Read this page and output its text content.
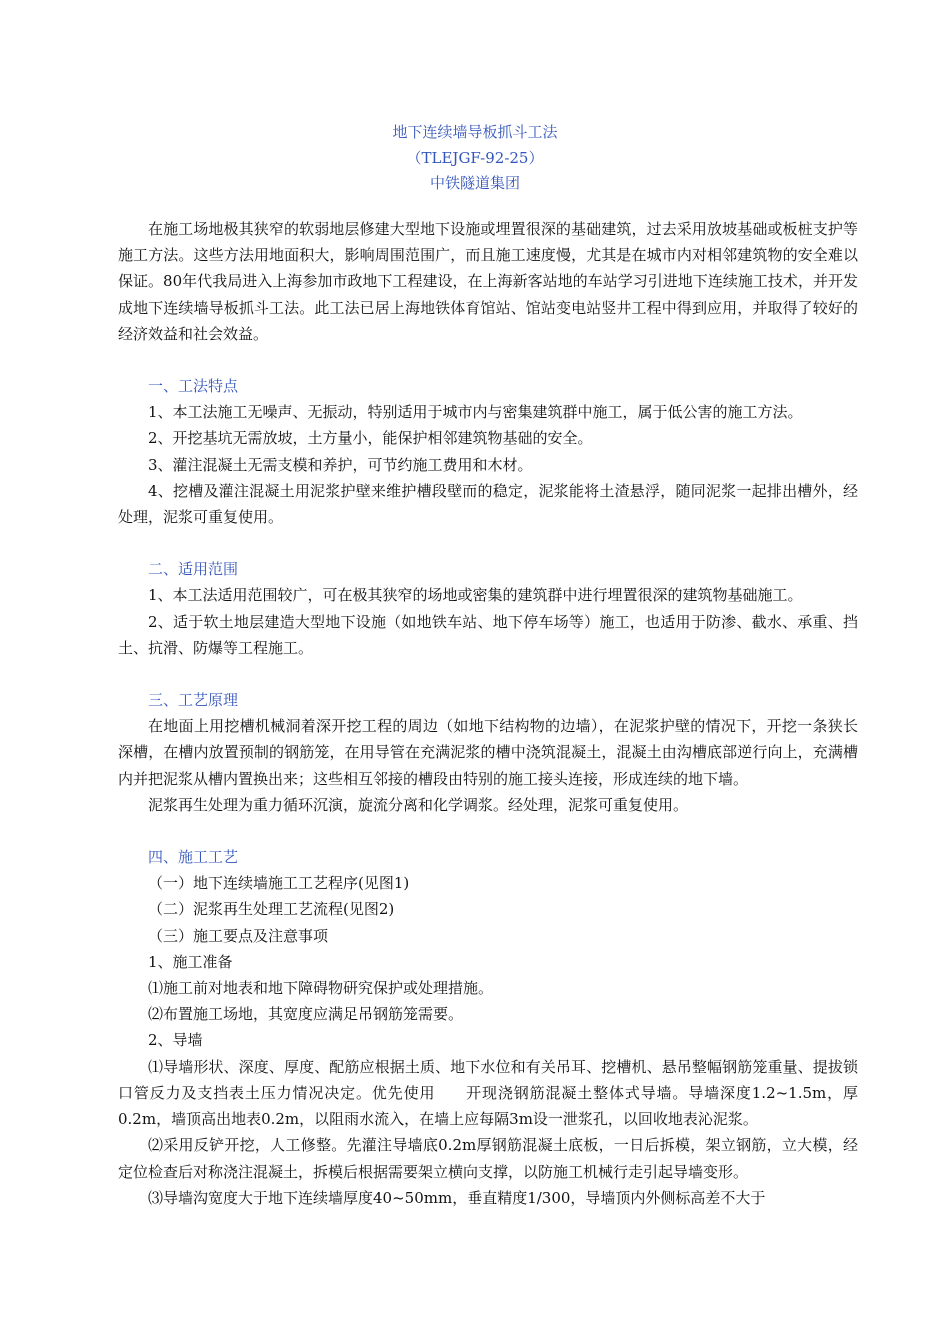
地下连续墙导板抓斗工法
（TLEJGF-92-25）
中铁隧道集团

在施工场地极其狭窄的软弱地层修建大型地下设施或埋置很深的基础建筑，过去采用放坡基础或板桩支护等施工方法。这些方法用地面积大，影响周围范围广，而且施工速度慢，尤其是在城市内对相邻建筑物的安全难以保证。80年代我局进入上海参加市政地下工程建设，在上海新客站地的车站学习引进地下连续施工技术，并开发成地下连续墙导板抓斗工法。此工法已居上海地铁体育馆站、馆站变电站竖井工程中得到应用，并取得了较好的经济效益和社会效益。

一、工法特点

1、本工法施工无噪声、无振动，特别适用于城市内与密集建筑群中施工，属于低公害的施工方法。

2、开挖基坑无需放坡，土方量小，能保护相邻建筑物基础的安全。

3、灌注混凝土无需支模和养护，可节约施工费用和木材。

4、挖槽及灌注混凝土用泥浆护壁来维护槽段壁而的稳定，泥浆能将土渣悬浮，随同泥浆一起排出槽外，经处理，泥浆可重复使用。

二、适用范围

1、本工法适用范围较广，可在极其狭窄的场地或密集的建筑群中进行埋置很深的建筑物基础施工。

2、适于软土地层建造大型地下设施（如地铁车站、地下停车场等）施工，也适用于防渗、截水、承重、挡土、抗滑、防爆等工程施工。

三、工艺原理

在地面上用挖槽机械洞着深开挖工程的周边（如地下结构物的边墙），在泥浆护壁的情况下，开挖一条狭长深槽，在槽内放置预制的钢筋笼，在用导管在充满泥浆的槽中浇筑混凝土，混凝土由沟槽底部逆行向上，充满槽内并把泥浆从槽内置换出来；这些相互邻接的槽段由特别的施工接头连接，形成连续的地下墙。

泥浆再生处理为重力循环沉演，旋流分离和化学调浆。经处理，泥浆可重复使用。

四、施工工艺

（一）地下连续墙施工工艺程序(见图1)

（二）泥浆再生处理工艺流程(见图2)

（三）施工要点及注意事项

1、施工准备

⑴施工前对地表和地下障碍物研究保护或处理措施。

⑵布置施工场地，其宽度应满足吊钢筋笼需要。

2、导墙

⑴导墙形状、深度、厚度、配筋应根据土质、地下水位和有关吊耳、挖槽机、悬吊整幅钢筋笼重量、提拔锁口管反力及支挡表土压力情况决定。优先使用 开现浇钢筋混凝土整体式导墙。导墙深度1.2~1.5m，厚0.2m，墙顶高出地表0.2m，以阻雨水流入，在墙上应每隔3m设一泄浆孔，以回收地表沁泥浆。

⑵采用反铲开挖，人工修整。先灌注导墙底0.2m厚钢筋混凝土底板，一日后拆模，架立钢筋，立大模，经定位检查后对称浇注混凝土，拆模后根据需要架立横向支撑，以防施工机械行走引起导墙变形。

⑶导墙沟宽度大于地下连续墙厚度40~50mm，垂直精度1/300，导墙顶内外侧标高差不大于
